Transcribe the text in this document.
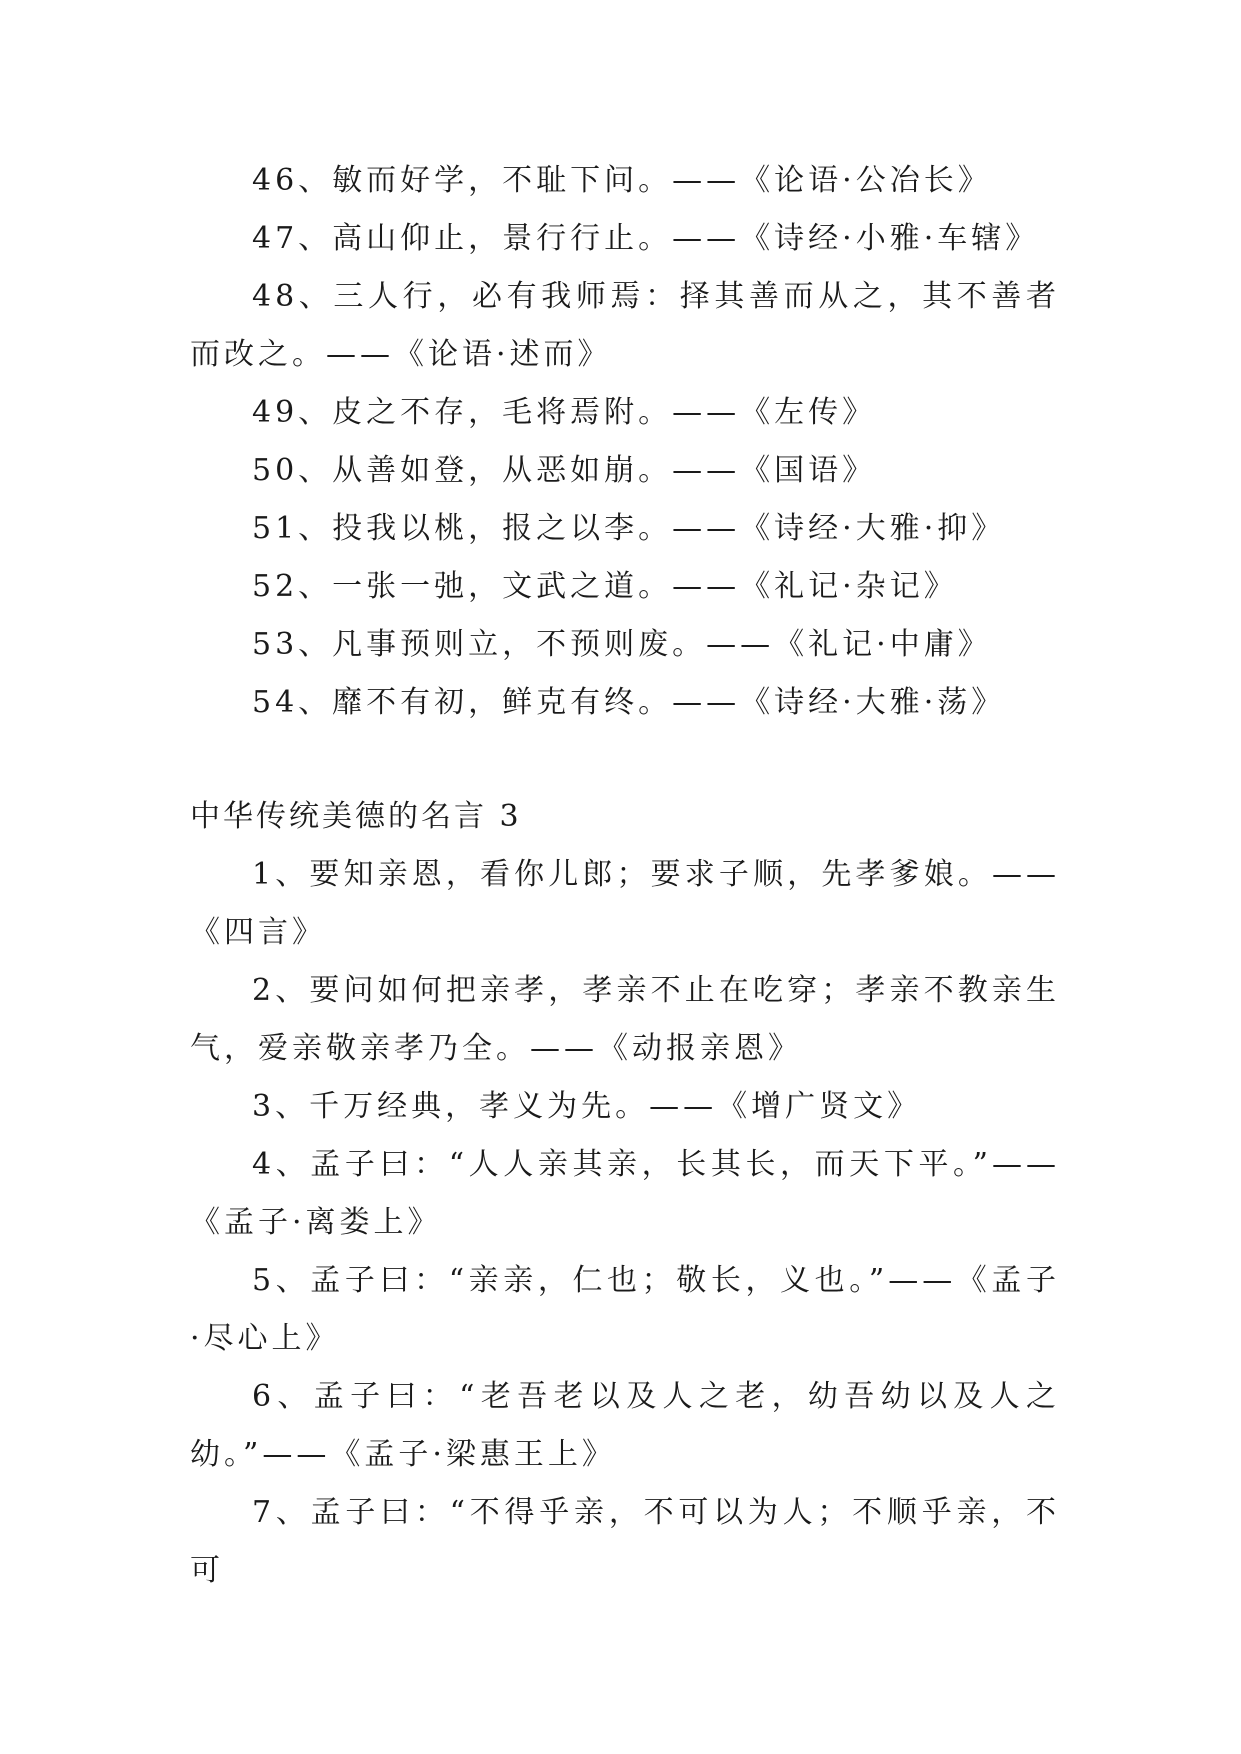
46、敏而好学，不耻下问。——《论语·公冶长》

47、高山仰止，景行行止。——《诗经·小雅·车辖》

48、三人行，必有我师焉：择其善而从之，其不善者而改之。——《论语·述而》

49、皮之不存，毛将焉附。——《左传》

50、从善如登，从恶如崩。——《国语》

51、投我以桃，报之以李。——《诗经·大雅·抑》

52、一张一弛，文武之道。——《礼记·杂记》

53、凡事预则立，不预则废。——《礼记·中庸》

54、靡不有初，鲜克有终。——《诗经·大雅·荡》

中华传统美德的名言 3

1、要知亲恩，看你儿郎；要求子顺，先孝爹娘。——《四言》

2、要问如何把亲孝，孝亲不止在吃穿；孝亲不教亲生气，爱亲敬亲孝乃全。——《动报亲恩》

3、千万经典，孝义为先。——《增广贤文》

4、孟子曰：“人人亲其亲，长其长，而天下平。”——《孟子·离娄上》

5、孟子曰：“亲亲，仁也；敬长，义也。”——《孟子·尽心上》

6、孟子曰：“老吾老以及人之老，幼吾幼以及人之幼。”——《孟子·梁惠王上》

7、孟子曰：“不得乎亲，不可以为人；不顺乎亲，不可
